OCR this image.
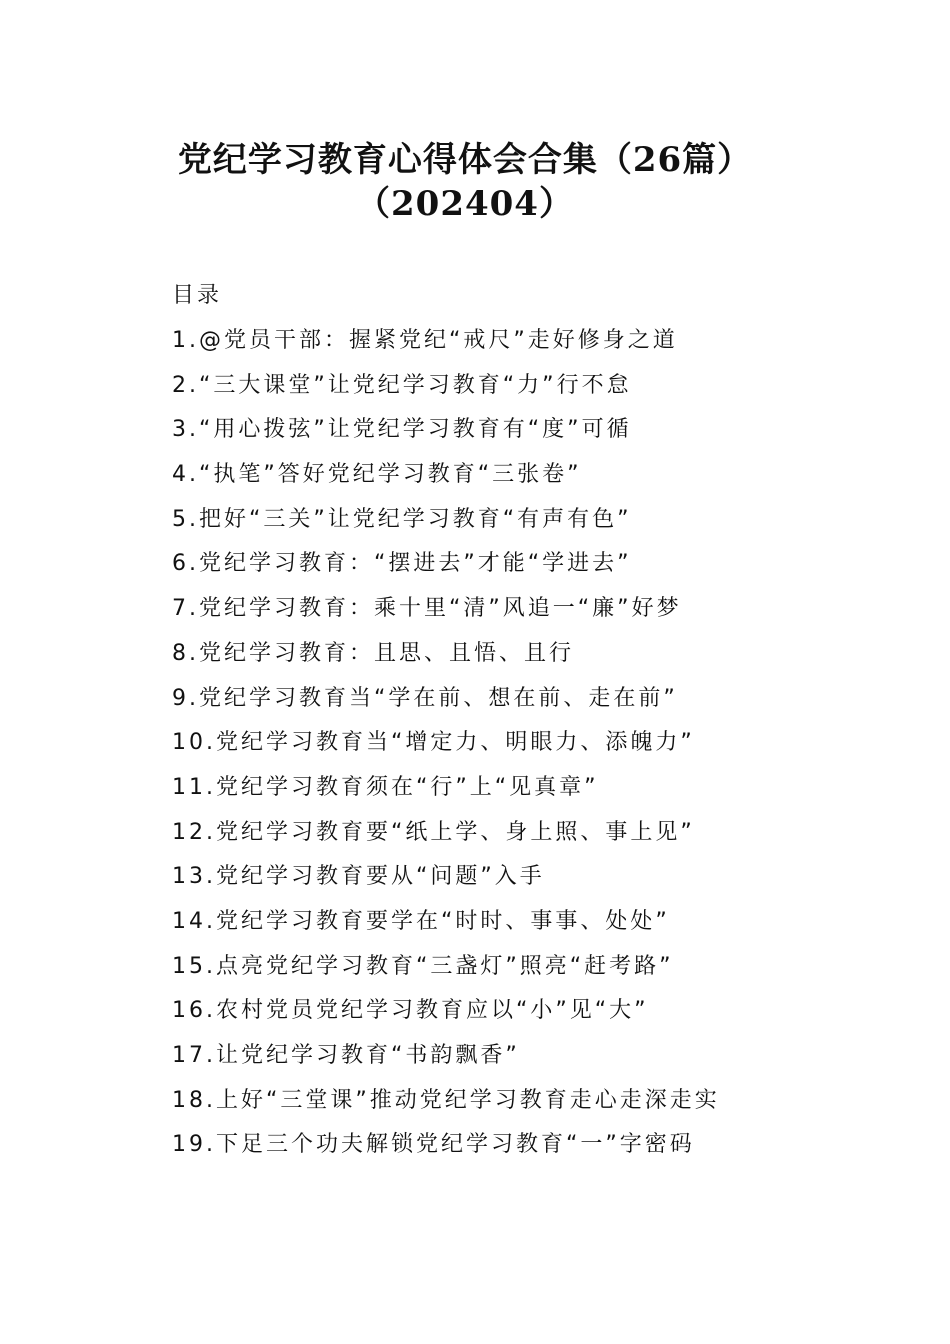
党纪学习教育心得体会合集（26篇）
（202404）
目录
1.@党员干部：握紧党纪“戒尺”走好修身之道
2.“三大课堂”让党纪学习教育“力”行不怠
3.“用心拨弦”让党纪学习教育有“度”可循
4.“执笔”答好党纪学习教育“三张卷”
5.把好“三关”让党纪学习教育“有声有色”
6.党纪学习教育：“摆进去”才能“学进去”
7.党纪学习教育：乘十里“清”风追一“廉”好梦
8.党纪学习教育：且思、且悟、且行
9.党纪学习教育当“学在前、想在前、走在前”
10.党纪学习教育当“增定力、明眼力、添魄力”
11.党纪学习教育须在“行”上“见真章”
12.党纪学习教育要“纸上学、身上照、事上见”
13.党纪学习教育要从“问题”入手
14.党纪学习教育要学在“时时、事事、处处”
15.点亮党纪学习教育“三盏灯”照亮“赶考路”
16.农村党员党纪学习教育应以“小”见“大”
17.让党纪学习教育“书韵飘香”
18.上好“三堂课”推动党纪学习教育走心走深走实
19.下足三个功夫解锁党纪学习教育“一”字密码
